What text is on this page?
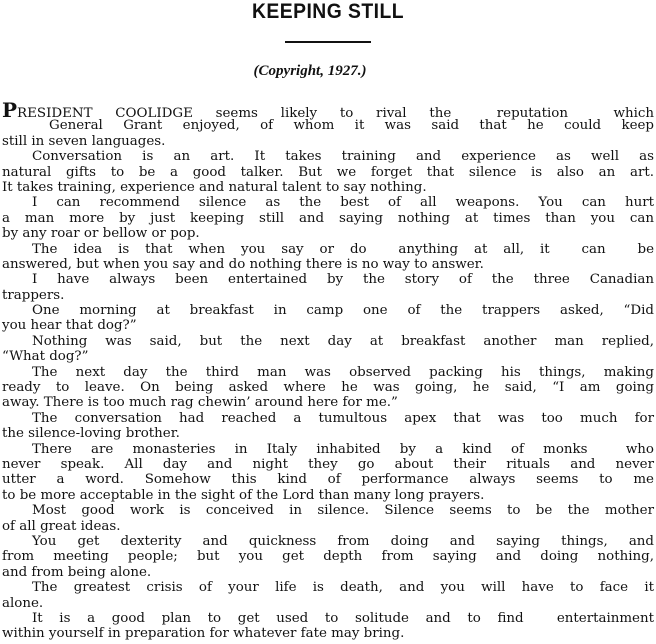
KEEPING STILL
(Copyright, 1927.)
PRESIDENT COOLIDGE seems likely to rival the  reputation  which
General Grant enjoyed, of whom it was said that he could keep
still in seven languages.
Conversation is an art. It takes training and experience as well as
natural gifts to be a good talker. But we forget that silence is also an art.
It takes training, experience and natural talent to say nothing.
I can recommend silence as the best of all weapons. You can hurt
a man more by just keeping still and saying nothing at times than you can
by any roar or bellow or pop.
The idea is that when you say or do  anything at all, it  can  be
answered, but when you say and do nothing there is no way to answer.
I have always been entertained by the story of the three Canadian
trappers.
One morning at breakfast in camp one of the trappers asked, “Did
you hear that dog?”
Nothing was said, but the next day at breakfast another man replied,
“What dog?”
The next day the third man was observed packing his things, making
ready to leave. On being asked where he was going, he said, “I am going
away. There is too much rag chewin’ around here for me.”
The conversation had reached a tumultous apex that was too much for
the silence-loving brother.
There are monasteries in Italy inhabited by a kind of monks  who
never speak. All day and night they go about their rituals and never
utter a word. Somehow this kind of performance always seems to me
to be more acceptable in the sight of the Lord than many long prayers.
Most good work is conceived in silence. Silence seems to be the mother
of all great ideas.
You get dexterity and quickness from doing and saying things, and
from meeting people; but you get depth from saying and doing nothing,
and from being alone.
The greatest crisis of your life is death, and you will have to face it
alone.
It is a good plan to get used to solitude and to find  entertainment
within yourself in preparation for whatever fate may bring.
